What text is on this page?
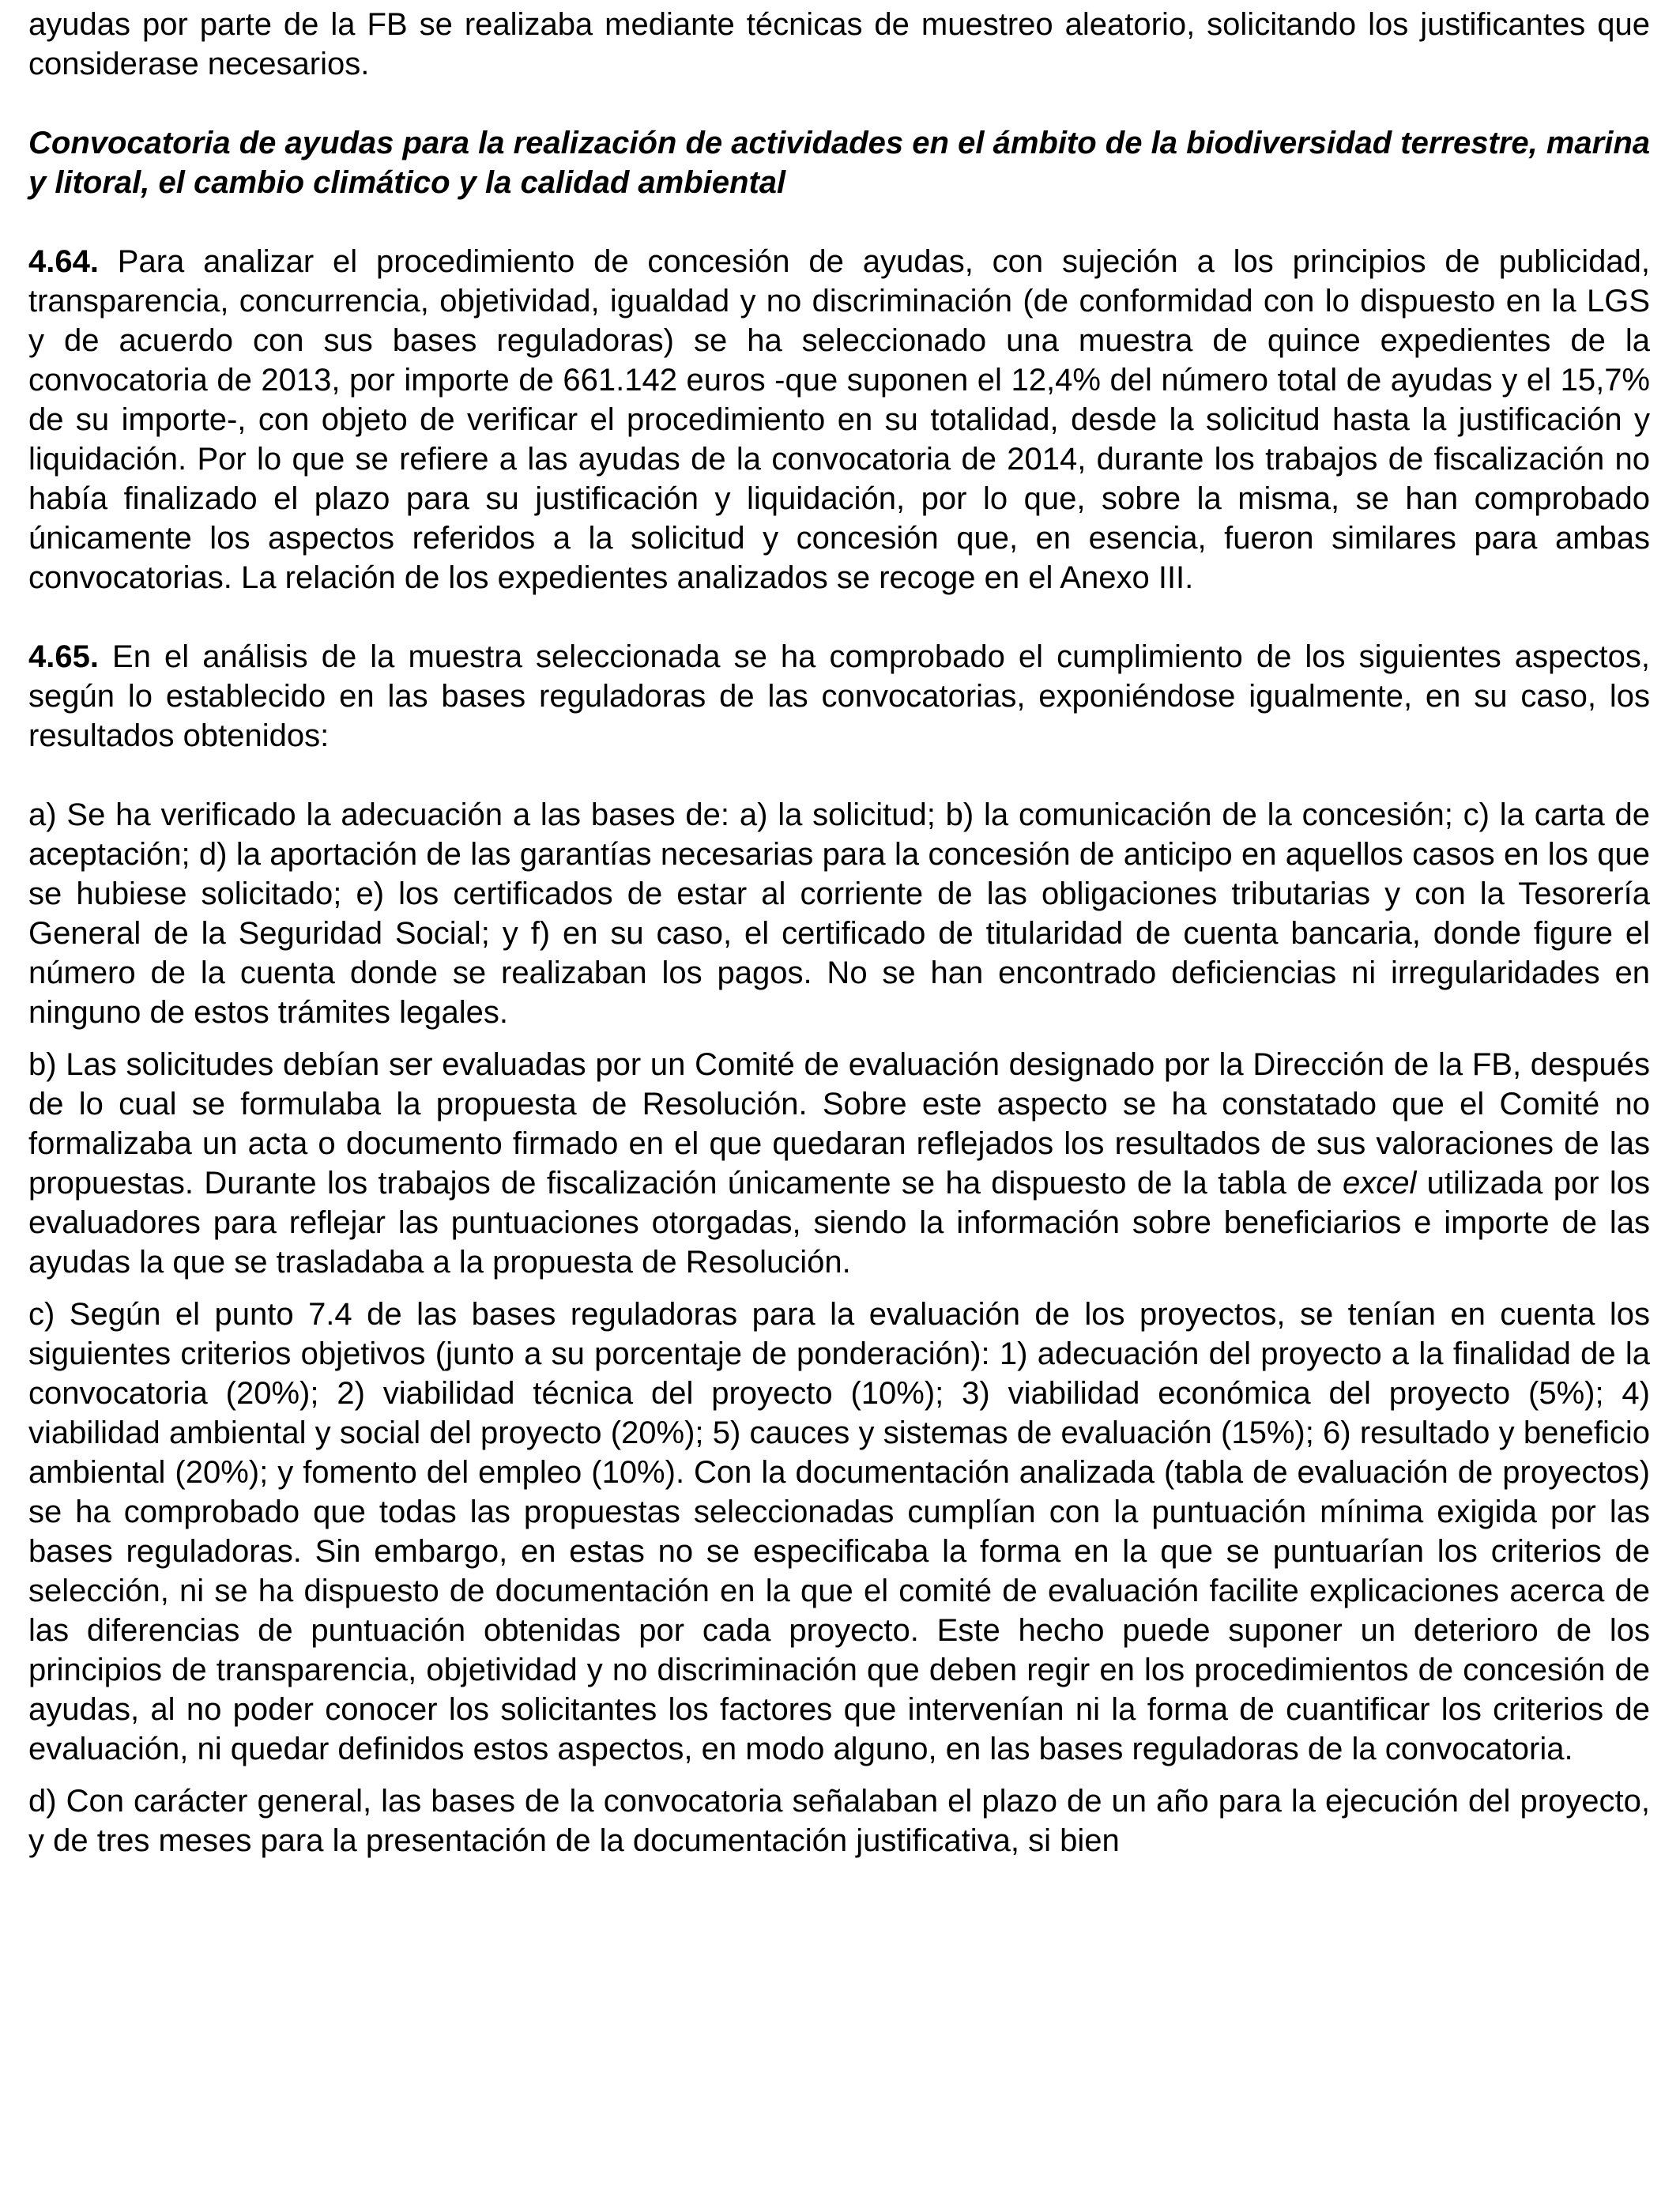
ayudas por parte de la FB se realizaba mediante técnicas de muestreo aleatorio, solicitando los justificantes que considerase necesarios.

Convocatoria de ayudas para la realización de actividades en el ámbito de la biodiversidad terrestre, marina y litoral, el cambio climático y la calidad ambiental

4.64. Para analizar el procedimiento de concesión de ayudas, con sujeción a los principios de publicidad, transparencia, concurrencia, objetividad, igualdad y no discriminación (de conformidad con lo dispuesto en la LGS y de acuerdo con sus bases reguladoras) se ha seleccionado una muestra de quince expedientes de la convocatoria de 2013, por importe de 661.142 euros -que suponen el 12,4% del número total de ayudas y el 15,7% de su importe-, con objeto de verificar el procedimiento en su totalidad, desde la solicitud hasta la justificación y liquidación. Por lo que se refiere a las ayudas de la convocatoria de 2014, durante los trabajos de fiscalización no había finalizado el plazo para su justificación y liquidación, por lo que, sobre la misma, se han comprobado únicamente los aspectos referidos a la solicitud y concesión que, en esencia, fueron similares para ambas convocatorias. La relación de los expedientes analizados se recoge en el Anexo III.

4.65. En el análisis de la muestra seleccionada se ha comprobado el cumplimiento de los siguientes aspectos, según lo establecido en las bases reguladoras de las convocatorias, exponiéndose igualmente, en su caso, los resultados obtenidos:

a) Se ha verificado la adecuación a las bases de: a) la solicitud; b) la comunicación de la concesión; c) la carta de aceptación; d) la aportación de las garantías necesarias para la concesión de anticipo en aquellos casos en los que se hubiese solicitado; e) los certificados de estar al corriente de las obligaciones tributarias y con la Tesorería General de la Seguridad Social; y f) en su caso, el certificado de titularidad de cuenta bancaria, donde figure el número de la cuenta donde se realizaban los pagos. No se han encontrado deficiencias ni irregularidades en ninguno de estos trámites legales.

b) Las solicitudes debían ser evaluadas por un Comité de evaluación designado por la Dirección de la FB, después de lo cual se formulaba la propuesta de Resolución. Sobre este aspecto se ha constatado que el Comité no formalizaba un acta o documento firmado en el que quedaran reflejados los resultados de sus valoraciones de las propuestas. Durante los trabajos de fiscalización únicamente se ha dispuesto de la tabla de excel utilizada por los evaluadores para reflejar las puntuaciones otorgadas, siendo la información sobre beneficiarios e importe de las ayudas la que se trasladaba a la propuesta de Resolución.

c) Según el punto 7.4 de las bases reguladoras para la evaluación de los proyectos, se tenían en cuenta los siguientes criterios objetivos (junto a su porcentaje de ponderación): 1) adecuación del proyecto a la finalidad de la convocatoria (20%); 2) viabilidad técnica del proyecto (10%); 3) viabilidad económica del proyecto (5%); 4) viabilidad ambiental y social del proyecto (20%); 5) cauces y sistemas de evaluación (15%); 6) resultado y beneficio ambiental (20%); y fomento del empleo (10%). Con la documentación analizada (tabla de evaluación de proyectos) se ha comprobado que todas las propuestas seleccionadas cumplían con la puntuación mínima exigida por las bases reguladoras. Sin embargo, en estas no se especificaba la forma en la que se puntuarían los criterios de selección, ni se ha dispuesto de documentación en la que el comité de evaluación facilite explicaciones acerca de las diferencias de puntuación obtenidas por cada proyecto. Este hecho puede suponer un deterioro de los principios de transparencia, objetividad y no discriminación que deben regir en los procedimientos de concesión de ayudas, al no poder conocer los solicitantes los factores que intervenían ni la forma de cuantificar los criterios de evaluación, ni quedar definidos estos aspectos, en modo alguno, en las bases reguladoras de la convocatoria.

d) Con carácter general, las bases de la convocatoria señalaban el plazo de un año para la ejecución del proyecto, y de tres meses para la presentación de la documentación justificativa, si bien
